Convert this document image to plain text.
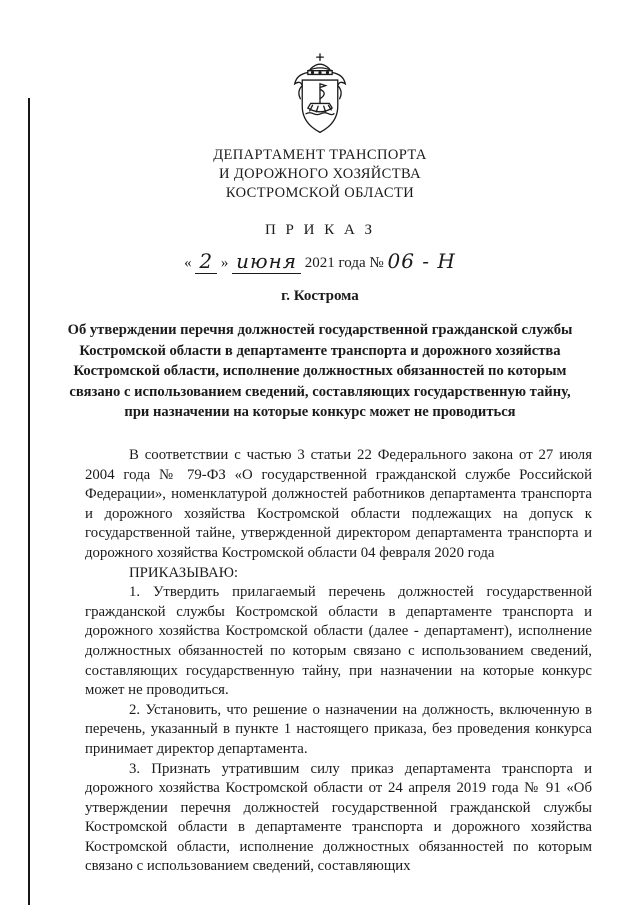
ДЕПАРТАМЕНТ ТРАНСПОРТА
И ДОРОЖНОГО ХОЗЯЙСТВА
КОСТРОМСКОЙ ОБЛАСТИ
П Р И К А З
« 2 » июня 2021 года № 06 - Н
г. Кострома
Об утверждении перечня должностей государственной гражданской службы Костромской области в департаменте транспорта и дорожного хозяйства Костромской области, исполнение должностных обязанностей по которым связано с использованием сведений, составляющих государственную тайну, при назначении на которые конкурс может не проводиться

В соответствии с частью 3 статьи 22 Федерального закона от 27 июля 2004 года № 79-ФЗ «О государственной гражданской службе Российской Федерации», номенклатурой должностей работников департамента транспорта и дорожного хозяйства Костромской области подлежащих на допуск к государственной тайне, утвержденной директором департамента транспорта и дорожного хозяйства Костромской области 04 февраля 2020 года

ПРИКАЗЫВАЮ:

1. Утвердить прилагаемый перечень должностей государственной гражданской службы Костромской области в департаменте транспорта и дорожного хозяйства Костромской области (далее - департамент), исполнение должностных обязанностей по которым связано с использованием сведений, составляющих государственную тайну, при назначении на которые конкурс может не проводиться.

2. Установить, что решение о назначении на должность, включенную в перечень, указанный в пункте 1 настоящего приказа, без проведения конкурса принимает директор департамента.

3. Признать утратившим силу приказ департамента транспорта и дорожного хозяйства Костромской области от 24 апреля 2019 года № 91 «Об утверждении перечня должностей государственной гражданской службы Костромской области в департаменте транспорта и дорожного хозяйства Костромской области, исполнение должностных обязанностей по которым связано с использованием сведений, составляющих
